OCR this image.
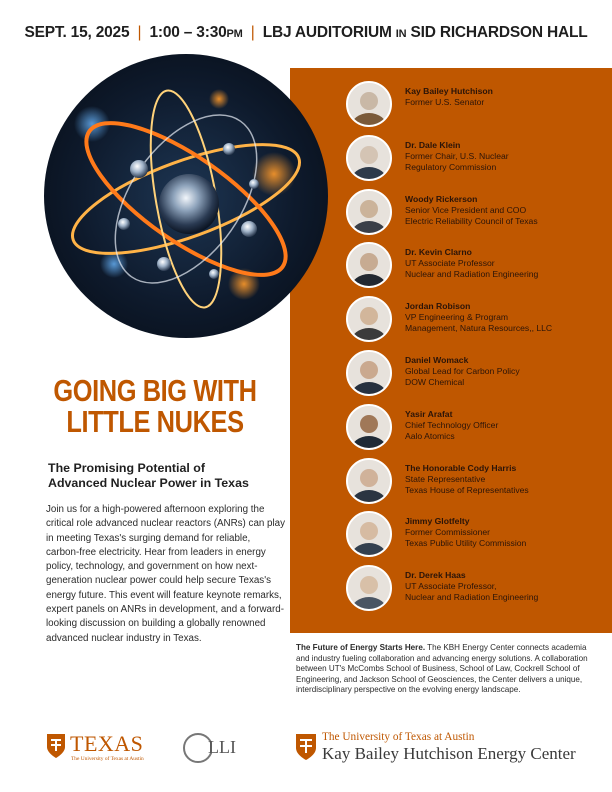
SEPT. 15, 2025 | 1:00 – 3:30PM | LBJ AUDITORIUM IN SID RICHARDSON HALL
Kay Bailey Hutchison
Former U.S. Senator
Dr. Dale Klein
Former Chair, U.S. Nuclear
Regulatory Commission
Woody Rickerson
Senior Vice President and COO
Electric Reliability Council of Texas
Dr. Kevin Clarno
UT Associate Professor
Nuclear and Radiation Engineering
Jordan Robison
VP Engineering & Program
Management, Natura Resources,, LLC
Daniel Womack
Global Lead for Carbon Policy
DOW Chemical
Yasir Arafat
Chief Technology Officer
Aalo Atomics
The Honorable Cody Harris
State Representative
Texas House of Representatives
Jimmy Glotfelty
Former Commissioner
Texas Public Utility Commission
Dr. Derek Haas
UT Associate Professor,
Nuclear and Radiation Engineering
GOING BIG WITH
LITTLE NUKES
The Promising Potential of
Advanced Nuclear Power in Texas

Join us for a high-powered afternoon exploring the critical role advanced nuclear reactors (ANRs) can play in meeting Texas's surging demand for reliable, carbon-free electricity. Hear from leaders in energy policy, technology, and government on how next-generation nuclear power could help secure Texas's energy future. This event will feature keynote remarks, expert panels on ANRs in development, and a forward-looking discussion on building a globally renowned advanced nuclear industry in Texas.

The Future of Energy Starts Here. The KBH Energy Center connects academia and industry fueling collaboration and advancing energy solutions. A collaboration between UT's McCombs School of Business, School of Law, Cockrell School of Engineering, and Jackson School of Geosciences, the Center delivers a unique, interdisciplinary perspective on the evolving energy landscape.

TEXAS
The University of Texas at Austin
LLI	The University of Texas at Austin
Kay Bailey Hutchison Energy Center
